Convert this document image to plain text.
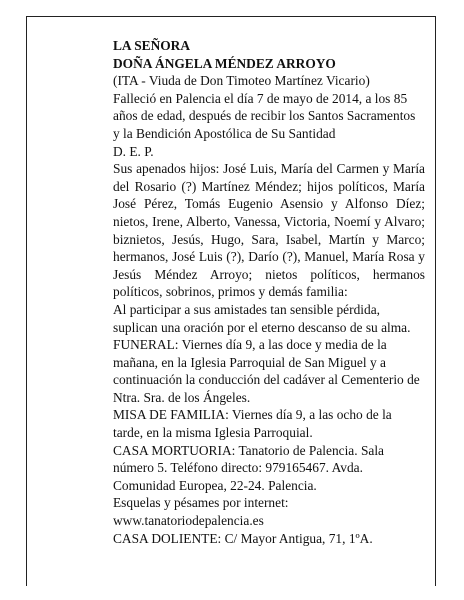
LA SEÑORA

DOÑA ÁNGELA MÉNDEZ ARROYO

(ITA - Viuda de Don Timoteo Martínez Vicario)

Falleció en Palencia el día 7 de mayo de 2014, a los 85 años de edad, después de recibir los Santos Sacramentos

y la Bendición Apostólica de Su Santidad

D. E. P.

Sus apenados hijos: José Luis, María del Carmen y María del Rosario (?) Martínez Méndez; hijos políticos, María José Pérez, Tomás Eugenio Asensio y Alfonso Díez; nietos, Irene, Alberto, Vanessa, Victoria, Noemí y Alvaro; biznietos, Jesús, Hugo, Sara, Isabel, Martín y Marco; hermanos, José Luis (?), Darío (?), Manuel, María Rosa y Jesús Méndez Arroyo; nietos políticos, hermanos políticos, sobrinos, primos y demás familia:

Al participar a sus amistades tan sensible pérdida, suplican una oración por el eterno descanso de su alma.

FUNERAL: Viernes día 9, a las doce y media de la mañana, en la Iglesia Parroquial de San Miguel y a continuación la conducción del cadáver al Cementerio de Ntra. Sra. de los Ángeles.

MISA DE FAMILIA: Viernes día 9, a las ocho de la tarde, en la misma Iglesia Parroquial.

CASA MORTUORIA: Tanatorio de Palencia. Sala número 5. Teléfono directo: 979165467. Avda. Comunidad Europea, 22-24. Palencia.

Esquelas y pésames por internet:

www.tanatoriodepalencia.es

CASA DOLIENTE: C/ Mayor Antigua, 71, 1ºA.
